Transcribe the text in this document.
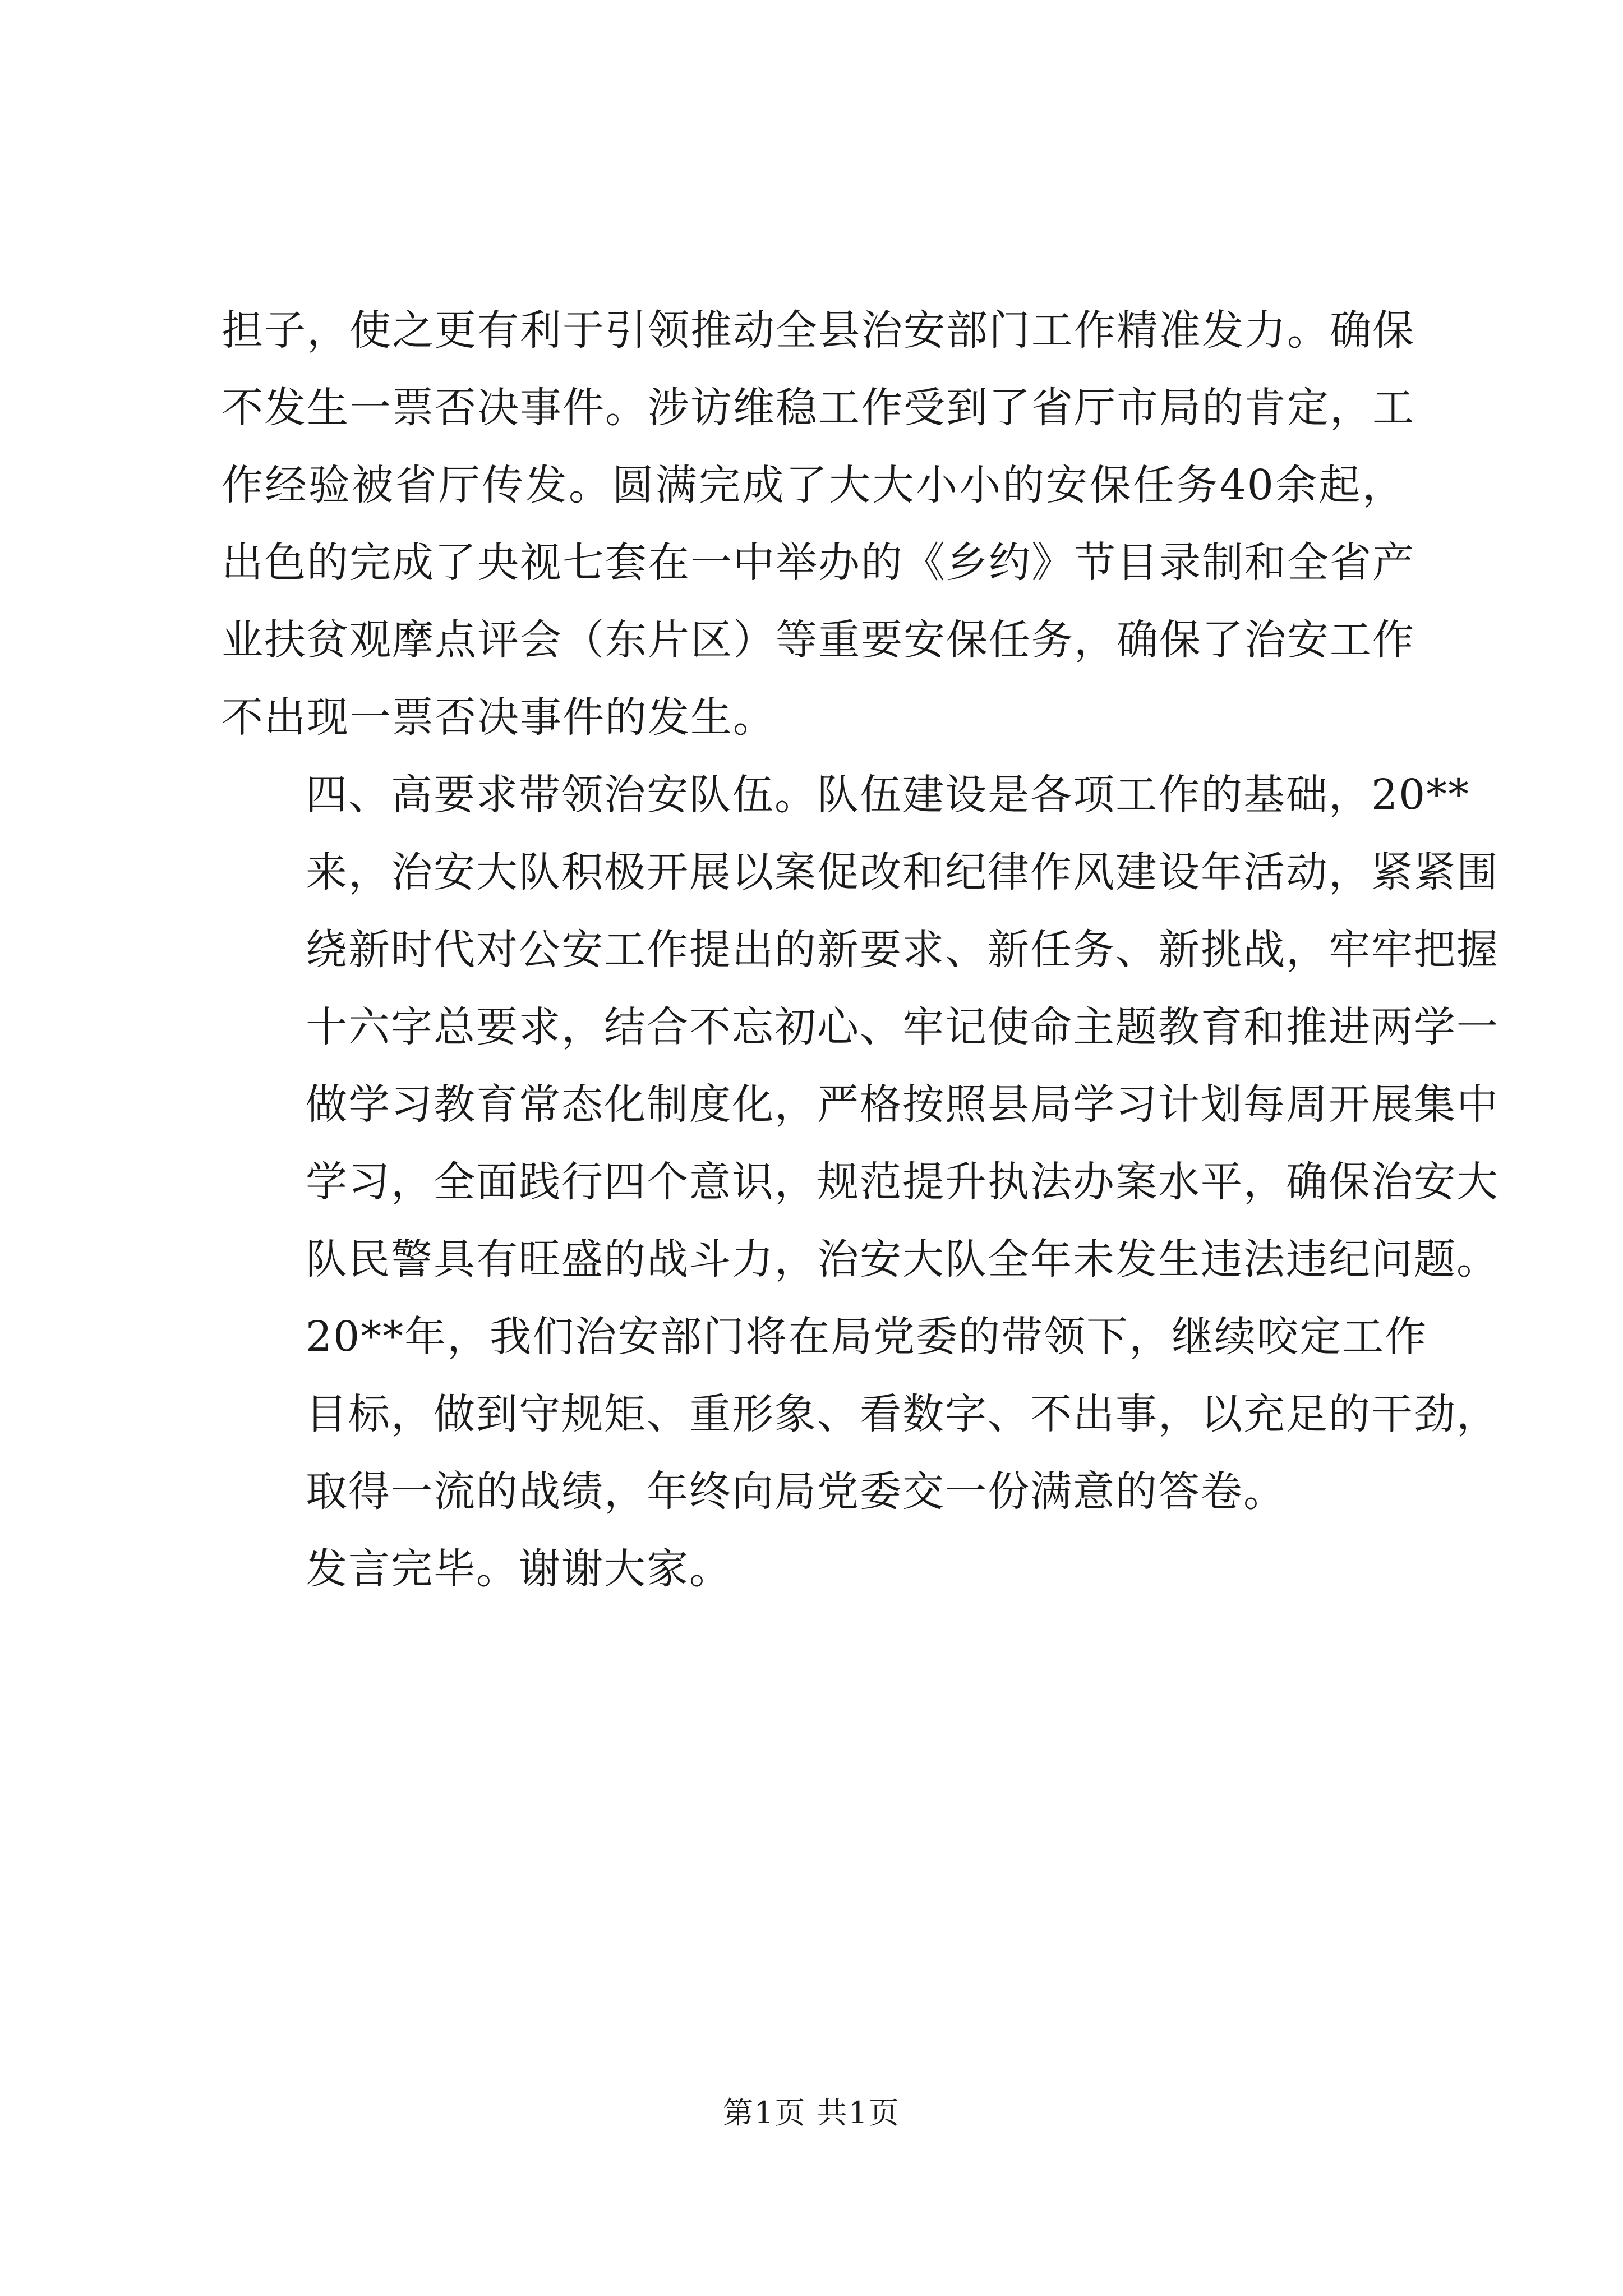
担子，使之更有利于引领推动全县治安部门工作精准发力。确保
不发生一票否决事件。涉访维稳工作受到了省厅市局的肯定，工
作经验被省厅传发。圆满完成了大大小小的安保任务40余起，
出色的完成了央视七套在一中举办的《乡约》节目录制和全省产
业扶贫观摩点评会（东片区）等重要安保任务，确保了治安工作
不出现一票否决事件的发生。

四、高要求带领治安队伍。队伍建设是各项工作的基础，20**
来，治安大队积极开展以案促改和纪律作风建设年活动，紧紧围
绕新时代对公安工作提出的新要求、新任务、新挑战，牢牢把握
十六字总要求，结合不忘初心、牢记使命主题教育和推进两学一
做学习教育常态化制度化，严格按照县局学习计划每周开展集中
学习，全面践行四个意识，规范提升执法办案水平，确保治安大
队民警具有旺盛的战斗力，治安大队全年未发生违法违纪问题。

20**年，我们治安部门将在局党委的带领下，继续咬定工作
目标，做到守规矩、重形象、看数字、不出事，以充足的干劲，
取得一流的战绩，年终向局党委交一份满意的答卷。

发言完毕。谢谢大家。

第1页 共1页
